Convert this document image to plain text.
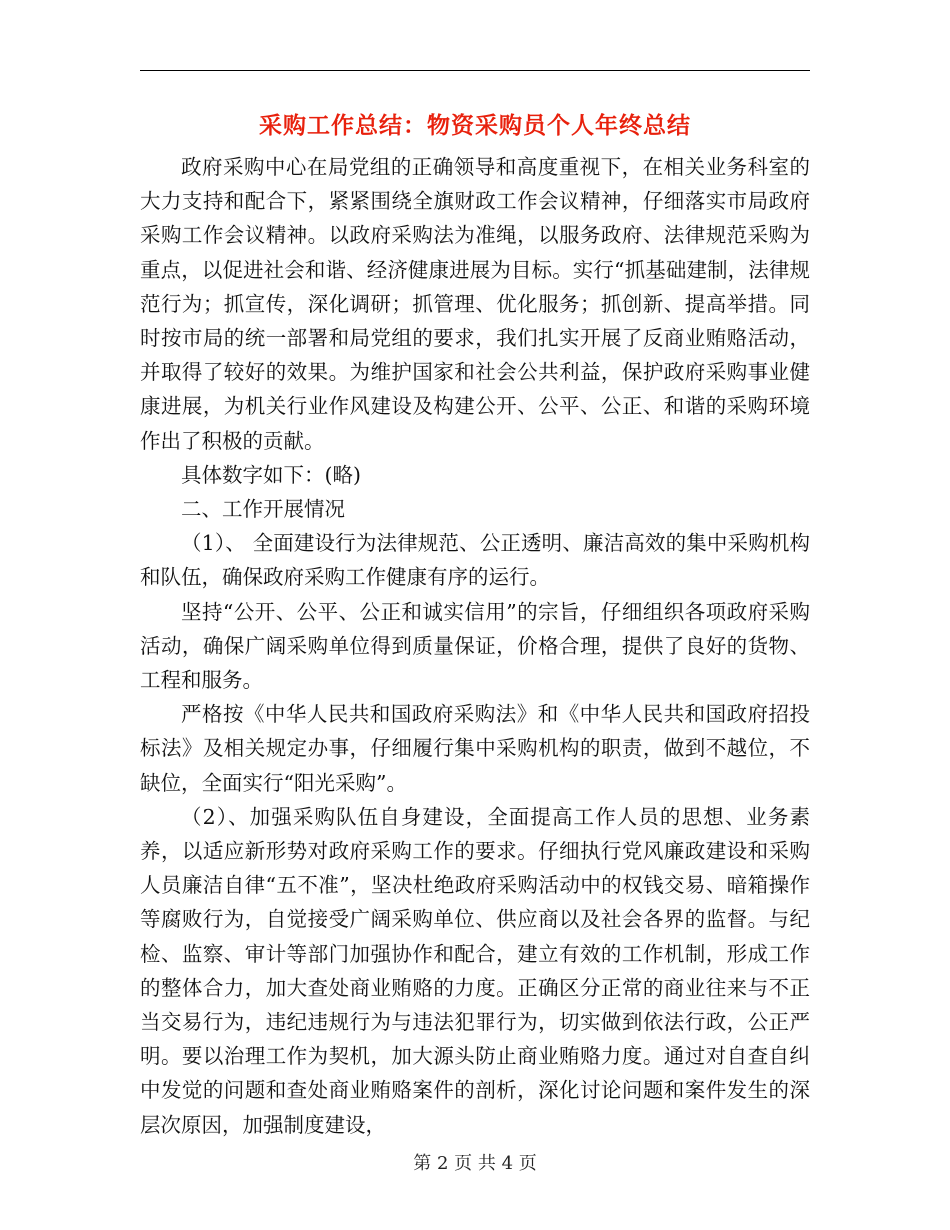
采购工作总结：物资采购员个人年终总结

政府采购中心在局党组的正确领导和高度重视下，在相关业务科室的大力支持和配合下，紧紧围绕全旗财政工作会议精神，仔细落实市局政府采购工作会议精神。以政府采购法为准绳，以服务政府、法律规范采购为重点，以促进社会和谐、经济健康进展为目标。实行“抓基础建制，法律规范行为；抓宣传，深化调研；抓管理、优化服务；抓创新、提高举措。同时按市局的统一部署和局党组的要求，我们扎实开展了反商业贿赂活动，并取得了较好的效果。为维护国家和社会公共利益，保护政府采购事业健康进展，为机关行业作风建设及构建公开、公平、公正、和谐的采购环境作出了积极的贡献。

具体数字如下：(略)

二、工作开展情况

（1）、 全面建设行为法律规范、公正透明、廉洁高效的集中采购机构和队伍，确保政府采购工作健康有序的运行。

坚持“公开、公平、公正和诚实信用”的宗旨，仔细组织各项政府采购活动，确保广阔采购单位得到质量保证，价格合理，提供了良好的货物、工程和服务。

严格按《中华人民共和国政府采购法》和《中华人民共和国政府招投标法》及相关规定办事，仔细履行集中采购机构的职责，做到不越位，不缺位，全面实行“阳光采购”。

（2）、加强采购队伍自身建设，全面提高工作人员的思想、业务素养，以适应新形势对政府采购工作的要求。仔细执行党风廉政建设和采购人员廉洁自律“五不准”，坚决杜绝政府采购活动中的权钱交易、暗箱操作等腐败行为，自觉接受广阔采购单位、供应商以及社会各界的监督。与纪检、监察、审计等部门加强协作和配合，建立有效的工作机制，形成工作的整体合力，加大查处商业贿赂的力度。正确区分正常的商业往来与不正当交易行为，违纪违规行为与违法犯罪行为，切实做到依法行政，公正严明。要以治理工作为契机，加大源头防止商业贿赂力度。通过对自查自纠中发觉的问题和查处商业贿赂案件的剖析，深化讨论问题和案件发生的深层次原因，加强制度建设，

第 2 页 共 4 页
